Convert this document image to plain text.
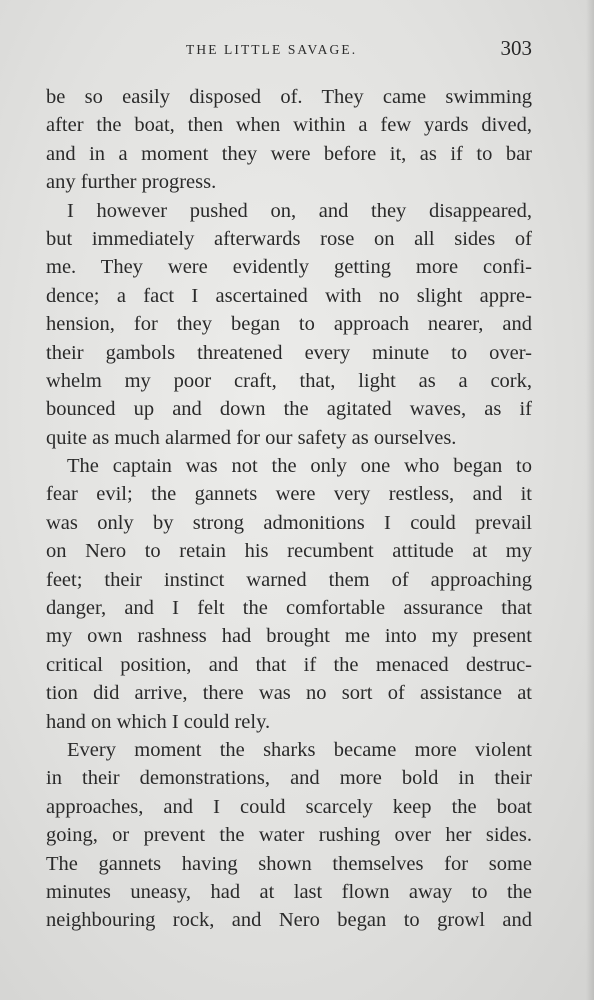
THE LITTLE SAVAGE.	303
be so easily disposed of. They came swimming
after the boat, then when within a few yards dived,
and in a moment they were before it, as if to bar
any further progress.
I however pushed on, and they disappeared,
but immediately afterwards rose on all sides of
me. They were evidently getting more confi-
dence; a fact I ascertained with no slight appre-
hension, for they began to approach nearer, and
their gambols threatened every minute to over-
whelm my poor craft, that, light as a cork,
bounced up and down the agitated waves, as if
quite as much alarmed for our safety as ourselves.
The captain was not the only one who began to
fear evil; the gannets were very restless, and it
was only by strong admonitions I could prevail
on Nero to retain his recumbent attitude at my
feet; their instinct warned them of approaching
danger, and I felt the comfortable assurance that
my own rashness had brought me into my present
critical position, and that if the menaced destruc-
tion did arrive, there was no sort of assistance at
hand on which I could rely.
Every moment the sharks became more violent
in their demonstrations, and more bold in their
approaches, and I could scarcely keep the boat
going, or prevent the water rushing over her sides.
The gannets having shown themselves for some
minutes uneasy, had at last flown away to the
neighbouring rock, and Nero began to growl and
